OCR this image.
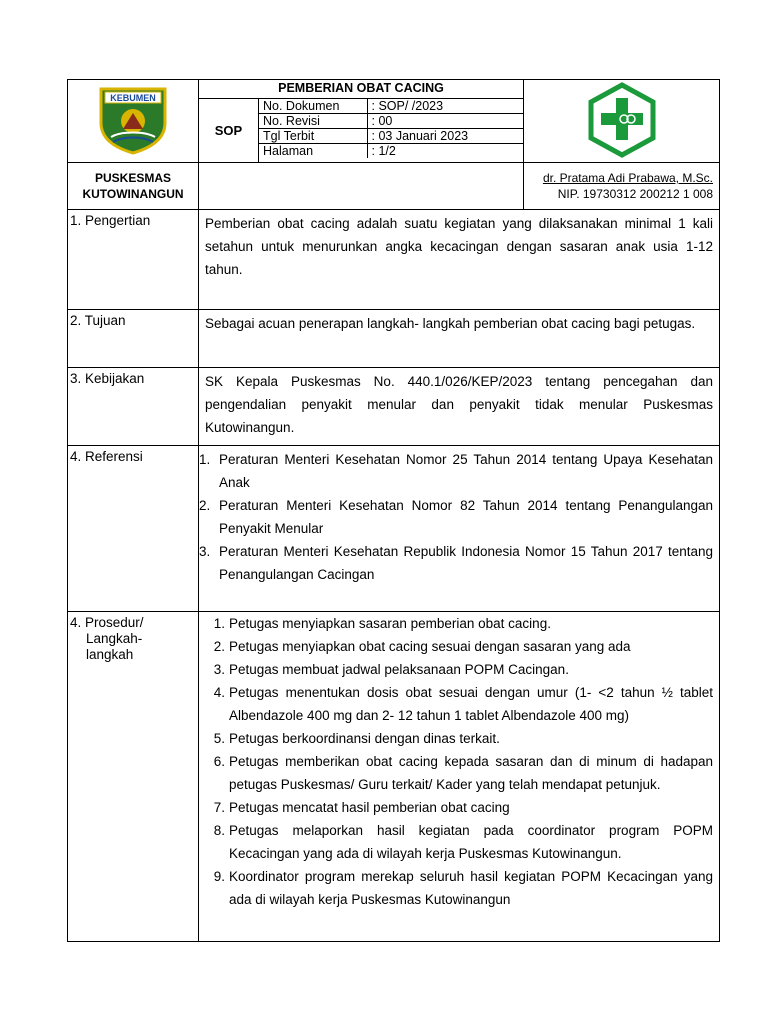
KEBUMEN
	PEMBERIAN OBAT CACING	
SOP	
No. Dokumen	: SOP/ /2023
No. Revisi	: 00
Tgl Terbit	: 03 Januari 2023
Halaman	: 1/2

PUSKESMAS
KUTOWINANGUN

dr. Pratama Adi Prabawa, M.Sc.
NIP. 19730312 200212 1 008

1. Pengertian	Pemberian obat cacing adalah suatu kegiatan yang dilaksanakan minimal 1 kali setahun untuk menurunkan angka kecacingan dengan sasaran anak usia 1-12 tahun.
2. Tujuan	Sebagai acuan penerapan langkah- langkah pemberian obat cacing bagi petugas.
3. Kebijakan	SK Kepala Puskesmas No. 440.1/026/KEP/2023 tentang pencegahan dan pengendalian penyakit menular dan penyakit tidak menular Puskesmas Kutowinangun.
4. Referensi	1. Peraturan Menteri Kesehatan Nomor 25 Tahun 2014 tentang Upaya Kesehatan Anak
2. Peraturan Menteri Kesehatan Nomor 82 Tahun 2014 tentang Penangulangan Penyakit Menular
3. Peraturan Menteri Kesehatan Republik Indonesia Nomor 15 Tahun 2017 tentang Penangulangan Cacingan

4. Prosedur/
Langkah-
langkah

1. Petugas menyiapkan sasaran pemberian obat cacing.
2. Petugas menyiapkan obat cacing sesuai dengan sasaran yang ada
3. Petugas membuat jadwal pelaksanaan POPM Cacingan.
4. Petugas menentukan dosis obat sesuai dengan umur (1- <2 tahun ½ tablet Albendazole 400 mg dan 2- 12 tahun 1 tablet Albendazole 400 mg)
5. Petugas berkoordinansi dengan dinas terkait.
6. Petugas memberikan obat cacing kepada sasaran dan di minum di hadapan petugas Puskesmas/ Guru terkait/ Kader yang telah mendapat petunjuk.
7. Petugas mencatat hasil pemberian obat cacing
8. Petugas melaporkan hasil kegiatan pada coordinator program POPM Kecacingan yang ada di wilayah kerja Puskesmas Kutowinangun.
9. Koordinator program merekap seluruh hasil kegiatan POPM Kecacingan yang ada di wilayah kerja Puskesmas Kutowinangun
